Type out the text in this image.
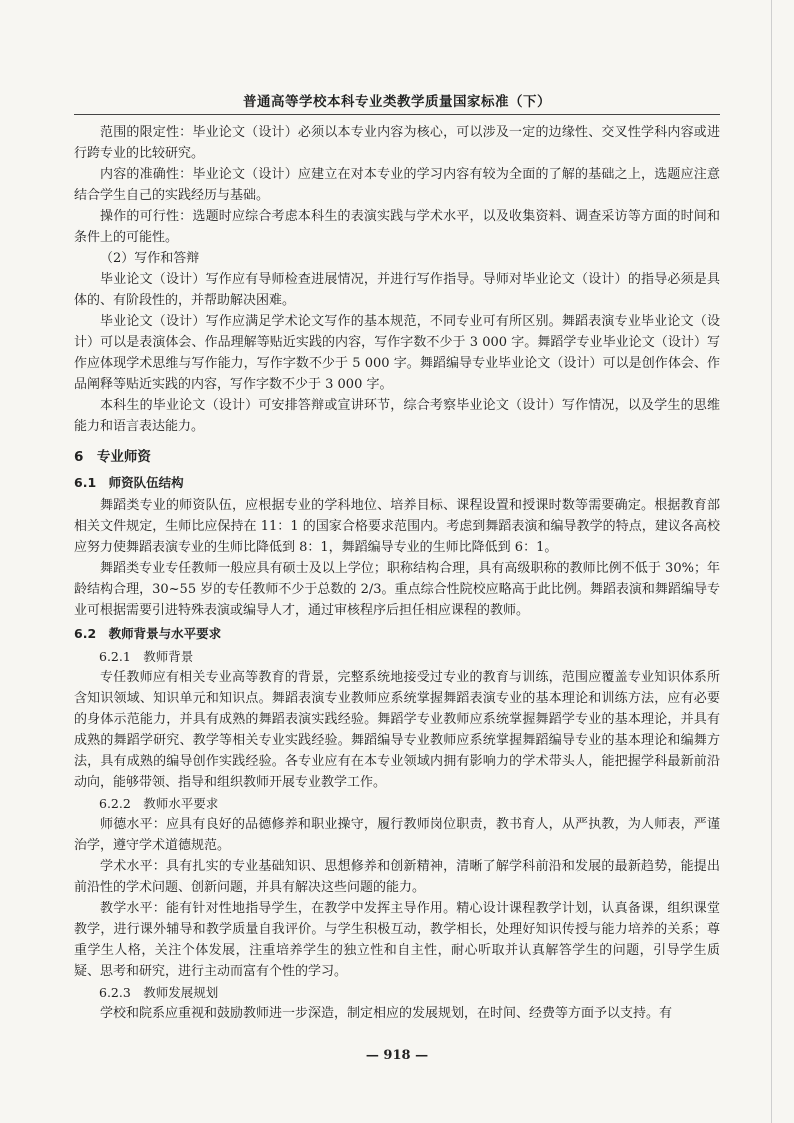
普通高等学校本科专业类教学质量国家标准（下）

范围的限定性：毕业论文（设计）必须以本专业内容为核心，可以涉及一定的边缘性、交叉性学科内容或进行跨专业的比较研究。

内容的准确性：毕业论文（设计）应建立在对本专业的学习内容有较为全面的了解的基础之上，选题应注意结合学生自己的实践经历与基础。

操作的可行性：选题时应综合考虑本科生的表演实践与学术水平，以及收集资料、调查采访等方面的时间和条件上的可能性。

（2）写作和答辩

毕业论文（设计）写作应有导师检查进展情况，并进行写作指导。导师对毕业论文（设计）的指导必须是具体的、有阶段性的，并帮助解决困难。

毕业论文（设计）写作应满足学术论文写作的基本规范，不同专业可有所区别。舞蹈表演专业毕业论文（设计）可以是表演体会、作品理解等贴近实践的内容，写作字数不少于 3 000 字。舞蹈学专业毕业论文（设计）写作应体现学术思维与写作能力，写作字数不少于 5 000 字。舞蹈编导专业毕业论文（设计）可以是创作体会、作品阐释等贴近实践的内容，写作字数不少于 3 000 字。

本科生的毕业论文（设计）可安排答辩或宣讲环节，综合考察毕业论文（设计）写作情况，以及学生的思维能力和语言表达能力。

6　专业师资
6.1　师资队伍结构

舞蹈类专业的师资队伍，应根据专业的学科地位、培养目标、课程设置和授课时数等需要确定。根据教育部相关文件规定，生师比应保持在 11：1 的国家合格要求范围内。考虑到舞蹈表演和编导教学的特点，建议各高校应努力使舞蹈表演专业的生师比降低到 8：1，舞蹈编导专业的生师比降低到 6：1。

舞蹈类专业专任教师一般应具有硕士及以上学位；职称结构合理，具有高级职称的教师比例不低于 30%；年龄结构合理，30~55 岁的专任教师不少于总数的 2/3。重点综合性院校应略高于此比例。舞蹈表演和舞蹈编导专业可根据需要引进特殊表演或编导人才，通过审核程序后担任相应课程的教师。

6.2　教师背景与水平要求

6.2.1　教师背景

专任教师应有相关专业高等教育的背景，完整系统地接受过专业的教育与训练，范围应覆盖专业知识体系所含知识领域、知识单元和知识点。舞蹈表演专业教师应系统掌握舞蹈表演专业的基本理论和训练方法，应有必要的身体示范能力，并具有成熟的舞蹈表演实践经验。舞蹈学专业教师应系统掌握舞蹈学专业的基本理论，并具有成熟的舞蹈学研究、教学等相关专业实践经验。舞蹈编导专业教师应系统掌握舞蹈编导专业的基本理论和编舞方法，具有成熟的编导创作实践经验。各专业应有在本专业领域内拥有影响力的学术带头人，能把握学科最新前沿动向，能够带领、指导和组织教师开展专业教学工作。

6.2.2　教师水平要求

师德水平：应具有良好的品德修养和职业操守，履行教师岗位职责，教书育人，从严执教，为人师表，严谨治学，遵守学术道德规范。

学术水平：具有扎实的专业基础知识、思想修养和创新精神，清晰了解学科前沿和发展的最新趋势，能提出前沿性的学术问题、创新问题，并具有解决这些问题的能力。

教学水平：能有针对性地指导学生，在教学中发挥主导作用。精心设计课程教学计划，认真备课，组织课堂教学，进行课外辅导和教学质量自我评价。与学生积极互动，教学相长，处理好知识传授与能力培养的关系；尊重学生人格，关注个体发展，注重培养学生的独立性和自主性，耐心听取并认真解答学生的问题，引导学生质疑、思考和研究，进行主动而富有个性的学习。

6.2.3　教师发展规划

学校和院系应重视和鼓励教师进一步深造，制定相应的发展规划，在时间、经费等方面予以支持。有

— 918 —
